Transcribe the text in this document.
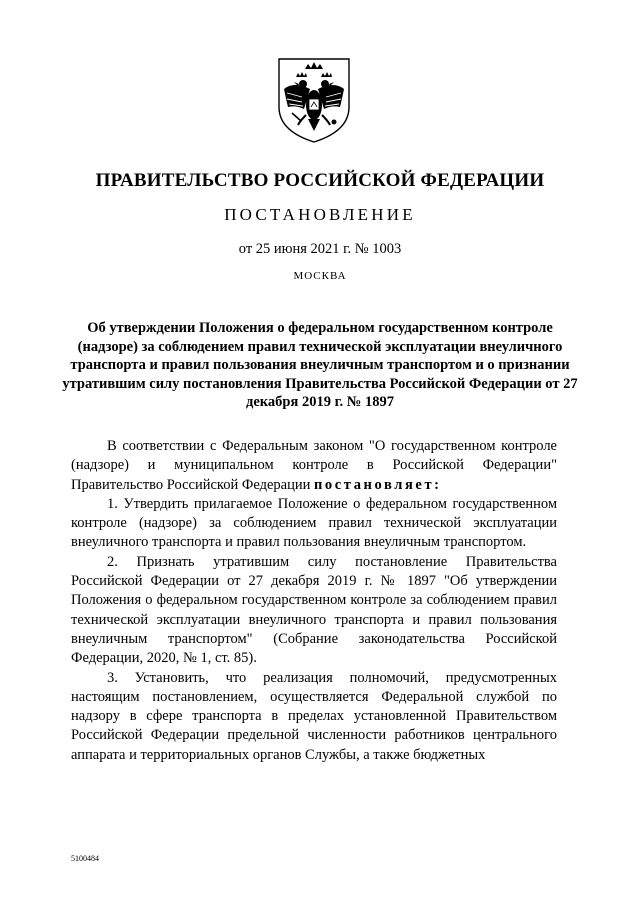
ПРАВИТЕЛЬСТВО РОССИЙСКОЙ ФЕДЕРАЦИИ
ПОСТАНОВЛЕНИЕ
от 25 июня 2021 г. № 1003
МОСКВА
Об утверждении Положения о федеральном государственном контроле (надзоре) за соблюдением правил технической эксплуатации внеуличного транспорта и правил пользования внеуличным транспортом и о признании утратившим силу постановления Правительства Российской Федерации от 27 декабря 2019 г. № 1897

В соответствии с Федеральным законом "О государственном контроле (надзоре) и муниципальном контроле в Российской Федерации" Правительство Российской Федерации постановляет:

1. Утвердить прилагаемое Положение о федеральном государственном контроле (надзоре) за соблюдением правил технической эксплуатации внеуличного транспорта и правил пользования внеуличным транспортом.

2. Признать утратившим силу постановление Правительства Российской Федерации от 27 декабря 2019 г. № 1897 "Об утверждении Положения о федеральном государственном контроле за соблюдением правил технической эксплуатации внеуличного транспорта и правил пользования внеуличным транспортом" (Собрание законодательства Российской Федерации, 2020, № 1, ст. 85).

3. Установить, что реализация полномочий, предусмотренных настоящим постановлением, осуществляется Федеральной службой по надзору в сфере транспорта в пределах установленной Правительством Российской Федерации предельной численности работников центрального аппарата и территориальных органов Службы, а также бюджетных

5100484
